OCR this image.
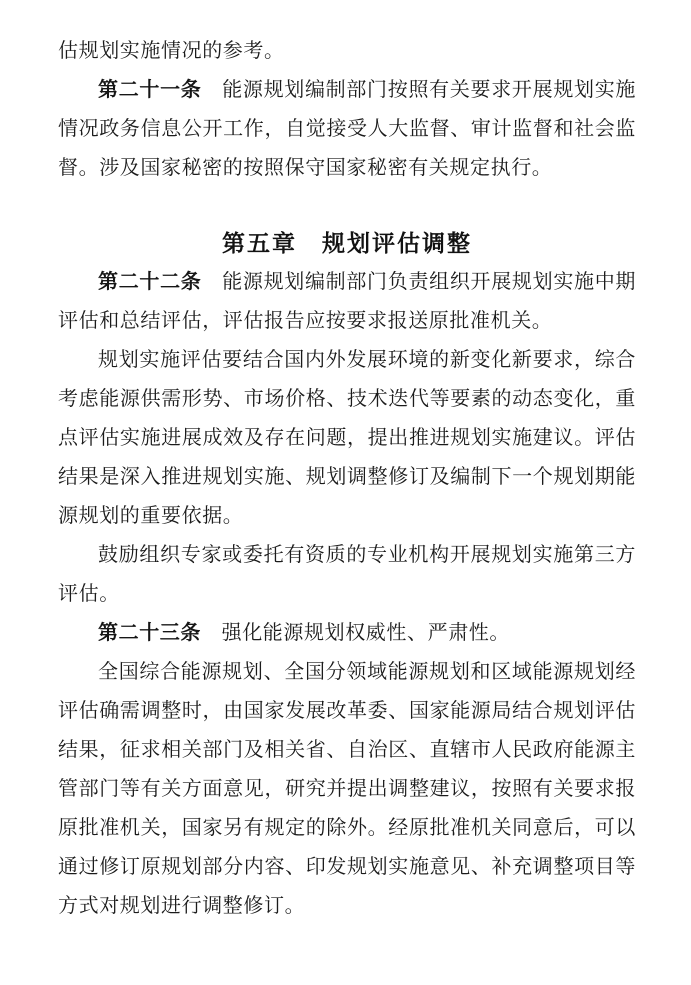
估规划实施情况的参考。

第二十一条　 能源规划编制部门按照有关要求开展规划实施情况政务信息公开工作，自觉接受人大监督、审计监督和社会监督。涉及国家秘密的按照保守国家秘密有关规定执行。

第五章　规划评估调整

第二十二条　 能源规划编制部门负责组织开展规划实施中期评估和总结评估，评估报告应按要求报送原批准机关。

规划实施评估要结合国内外发展环境的新变化新要求，综合考虑能源供需形势、市场价格、技术迭代等要素的动态变化，重点评估实施进展成效及存在问题，提出推进规划实施建议。评估结果是深入推进规划实施、规划调整修订及编制下一个规划期能源规划的重要依据。

鼓励组织专家或委托有资质的专业机构开展规划实施第三方评估。

第二十三条　 强化能源规划权威性、严肃性。

全国综合能源规划、全国分领域能源规划和区域能源规划经评估确需调整时，由国家发展改革委、国家能源局结合规划评估结果，征求相关部门及相关省、自治区、直辖市人民政府能源主管部门等有关方面意见，研究并提出调整建议，按照有关要求报原批准机关，国家另有规定的除外。经原批准机关同意后，可以通过修订原规划部分内容、印发规划实施意见、补充调整项目等方式对规划进行调整修订。
